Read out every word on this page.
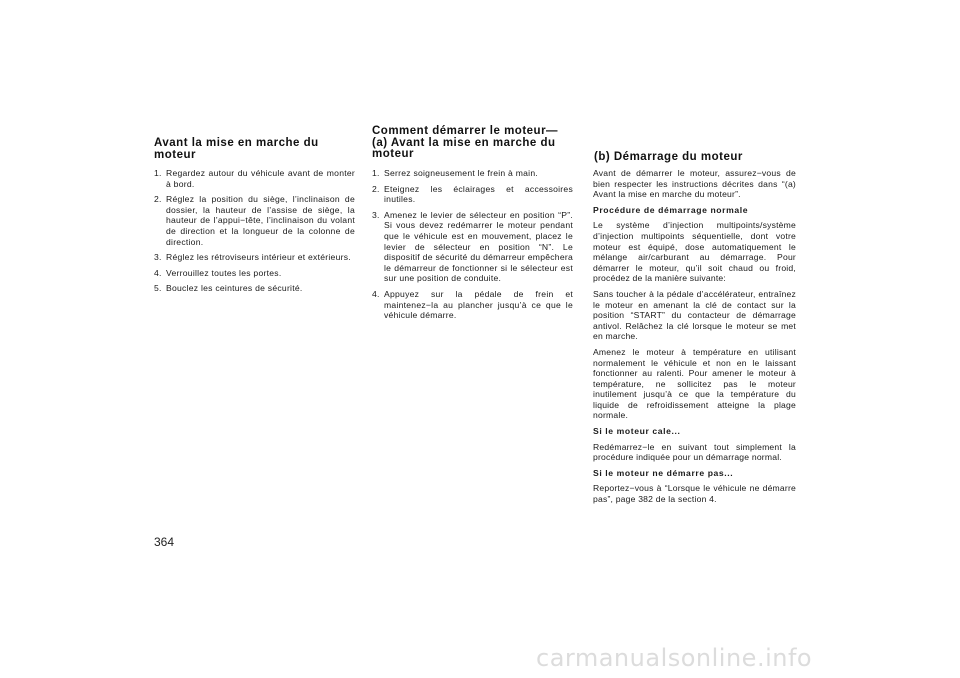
Avant la mise en marche du
moteur
1. Regardez autour du véhicule avant de monter à bord.
2. Réglez la position du siège, l’inclinaison de dossier, la hauteur de l’assise de siège, la hauteur de l’appui−tête, l’inclinaison du volant de direction et la longueur de la colonne de direction.
3. Réglez les rétroviseurs intérieur et extérieurs.
4. Verrouillez toutes les portes.
5. Bouclez les ceintures de sécurité.
Comment démarrer le moteur—
(a) Avant la mise en marche du
moteur
1. Serrez soigneusement le frein à main.
2. Eteignez les éclairages et accessoires inutiles.
3. Amenez le levier de sélecteur en position “P”. Si vous devez redémarrer le moteur pendant que le véhicule est en mouvement, placez le levier de sélecteur en position “N”. Le dispositif de sécurité du démarreur empêchera le démarreur de fonctionner si le sélecteur est sur une position de conduite.
4. Appuyez sur la pédale de frein et maintenez−la au plancher jusqu’à ce que le véhicule démarre.
(b) Démarrage du moteur

Avant de démarrer le moteur, assurez−vous de bien respecter les instructions décrites dans “(a) Avant la mise en marche du moteur”.

Procédure de démarrage normale

Le système d’injection multipoints/système d’injection multipoints séquentielle, dont votre moteur est équipé, dose automatiquement le mélange air/carburant au démarrage. Pour démarrer le moteur, qu’il soit chaud ou froid, procédez de la manière suivante:

Sans toucher à la pédale d’accélérateur, entraînez le moteur en amenant la clé de contact sur la position “START” du contacteur de démarrage antivol. Relâchez la clé lorsque le moteur se met en marche.

Amenez le moteur à température en utilisant normalement le véhicule et non en le laissant fonctionner au ralenti. Pour amener le moteur à température, ne sollicitez pas le moteur inutilement jusqu’à ce que la température du liquide de refroidissement atteigne la plage normale.

Si le moteur cale...

Redémarrez−le en suivant tout simplement la procédure indiquée pour un démarrage normal.

Si le moteur ne démarre pas...

Reportez−vous à “Lorsque le véhicule ne démarre pas”, page 382 de la section 4.

364
carmanualsonline.info
